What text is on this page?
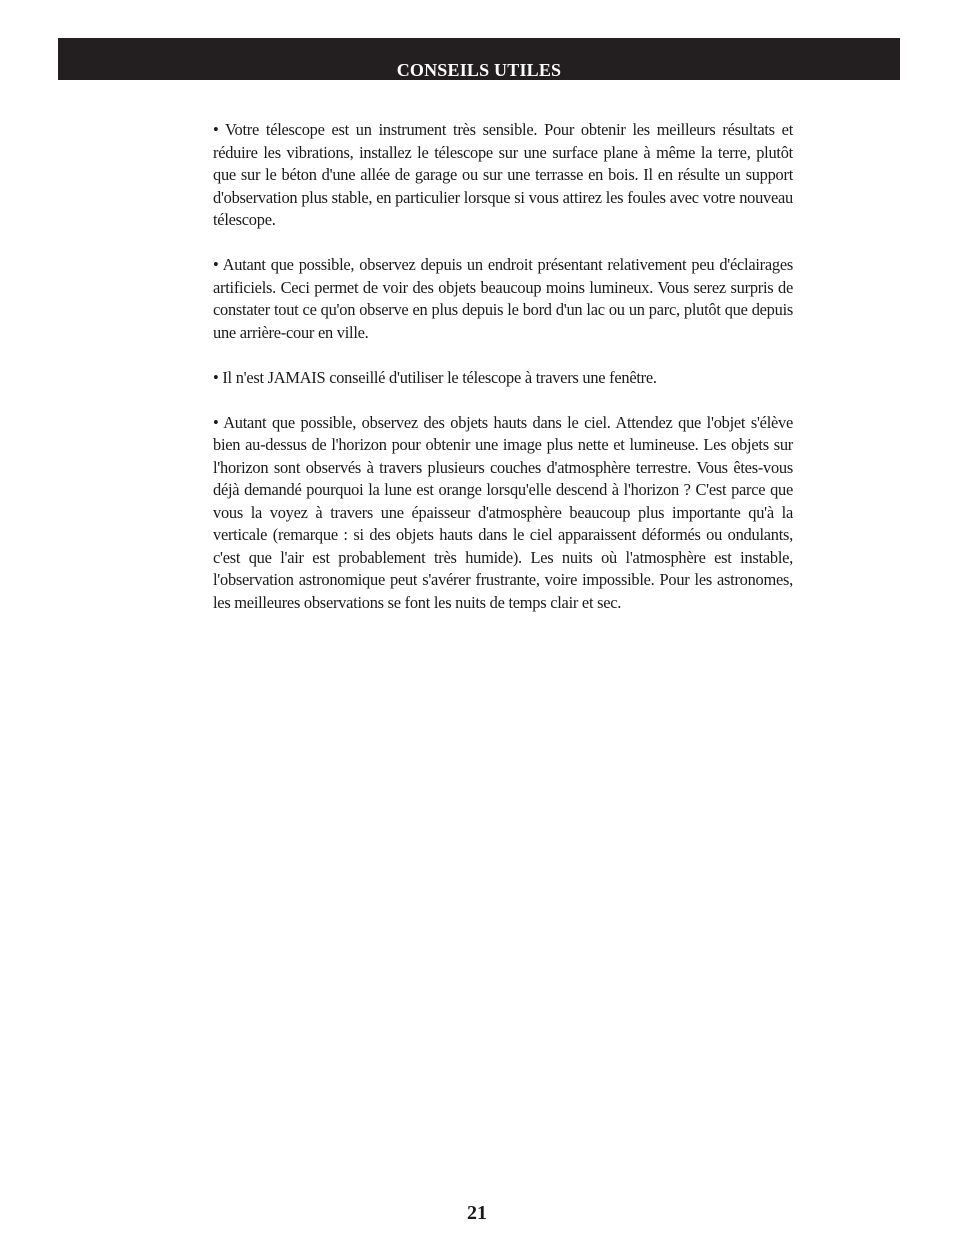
CONSEILS UTILES

• Votre télescope est un instrument très sensible. Pour obtenir les meilleurs résultats et réduire les vibrations, installez le télescope sur une surface plane à même la terre, plutôt que sur le béton d'une allée de garage ou sur une terrasse en bois. Il en résulte un support d'observation plus stable, en particulier lorsque si vous attirez les foules avec votre nouveau télescope.

• Autant que possible, observez depuis un endroit présentant relativement peu d'éclairages artificiels. Ceci permet de voir des objets beaucoup moins lumineux. Vous serez surpris de constater tout ce qu'on observe en plus depuis le bord d'un lac ou un parc, plutôt que depuis une arrière-cour en ville.

• Il n'est JAMAIS conseillé d'utiliser le télescope à travers une fenêtre.

• Autant que possible, observez des objets hauts dans le ciel. Attendez que l'objet s'élève bien au-dessus de l'horizon pour obtenir une image plus nette et lumineuse. Les objets sur l'horizon sont observés à travers plusieurs couches d'atmosphère terrestre. Vous êtes-vous déjà demandé pourquoi la lune est orange lorsqu'elle descend à l'horizon ? C'est parce que vous la voyez à travers une épaisseur d'atmosphère beaucoup plus importante qu'à la verticale (remarque : si des objets hauts dans le ciel apparaissent déformés ou ondulants, c'est que l'air est probablement très humide). Les nuits où l'atmosphère est instable, l'observation astronomique peut s'avérer frustrante, voire impossible. Pour les astronomes, les meilleures observations se font les nuits de temps clair et sec.

21
